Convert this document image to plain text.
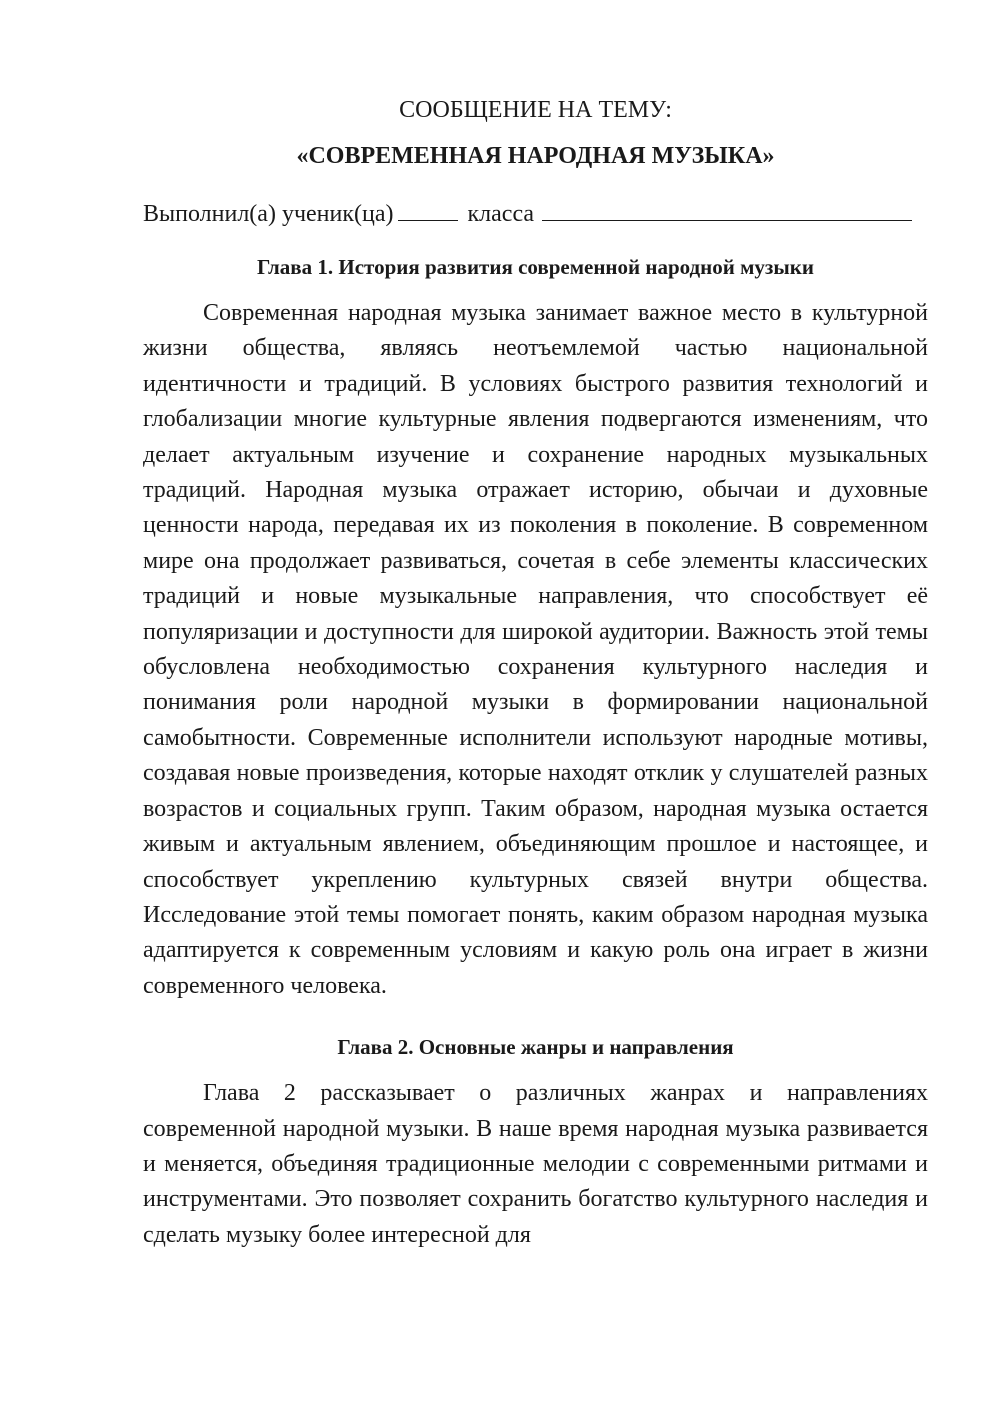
СООБЩЕНИЕ НА ТЕМУ:

«СОВРЕМЕННАЯ НАРОДНАЯ МУЗЫКА»

Выполнил(а) ученик(ца)	класса

Глава 1. История развития современной народной музыки

Современная народная музыка занимает важное место в культурной жизни общества, являясь неотъемлемой частью национальной идентичности и традиций. В условиях быстрого развития технологий и глобализации многие культурные явления подвергаются изменениям, что делает актуальным изучение и сохранение народных музыкальных традиций. Народная музыка отражает историю, обычаи и духовные ценности народа, передавая их из поколения в поколение. В современном мире она продолжает развиваться, сочетая в себе элементы классических традиций и новые музыкальные направления, что способствует её популяризации и доступности для широкой аудитории. Важность этой темы обусловлена необходимостью сохранения культурного наследия и понимания роли народной музыки в формировании национальной самобытности. Современные исполнители используют народные мотивы, создавая новые произведения, которые находят отклик у слушателей разных возрастов и социальных групп. Таким образом, народная музыка остается живым и актуальным явлением, объединяющим прошлое и настоящее, и способствует укреплению культурных связей внутри общества. Исследование этой темы помогает понять, каким образом народная музыка адаптируется к современным условиям и какую роль она играет в жизни современного человека.

Глава 2. Основные жанры и направления

Глава 2 рассказывает о различных жанрах и направлениях современной народной музыки. В наше время народная музыка развивается и меняется, объединяя традиционные мелодии с современными ритмами и инструментами. Это позволяет сохранить богатство культурного наследия и сделать музыку более интересной для
